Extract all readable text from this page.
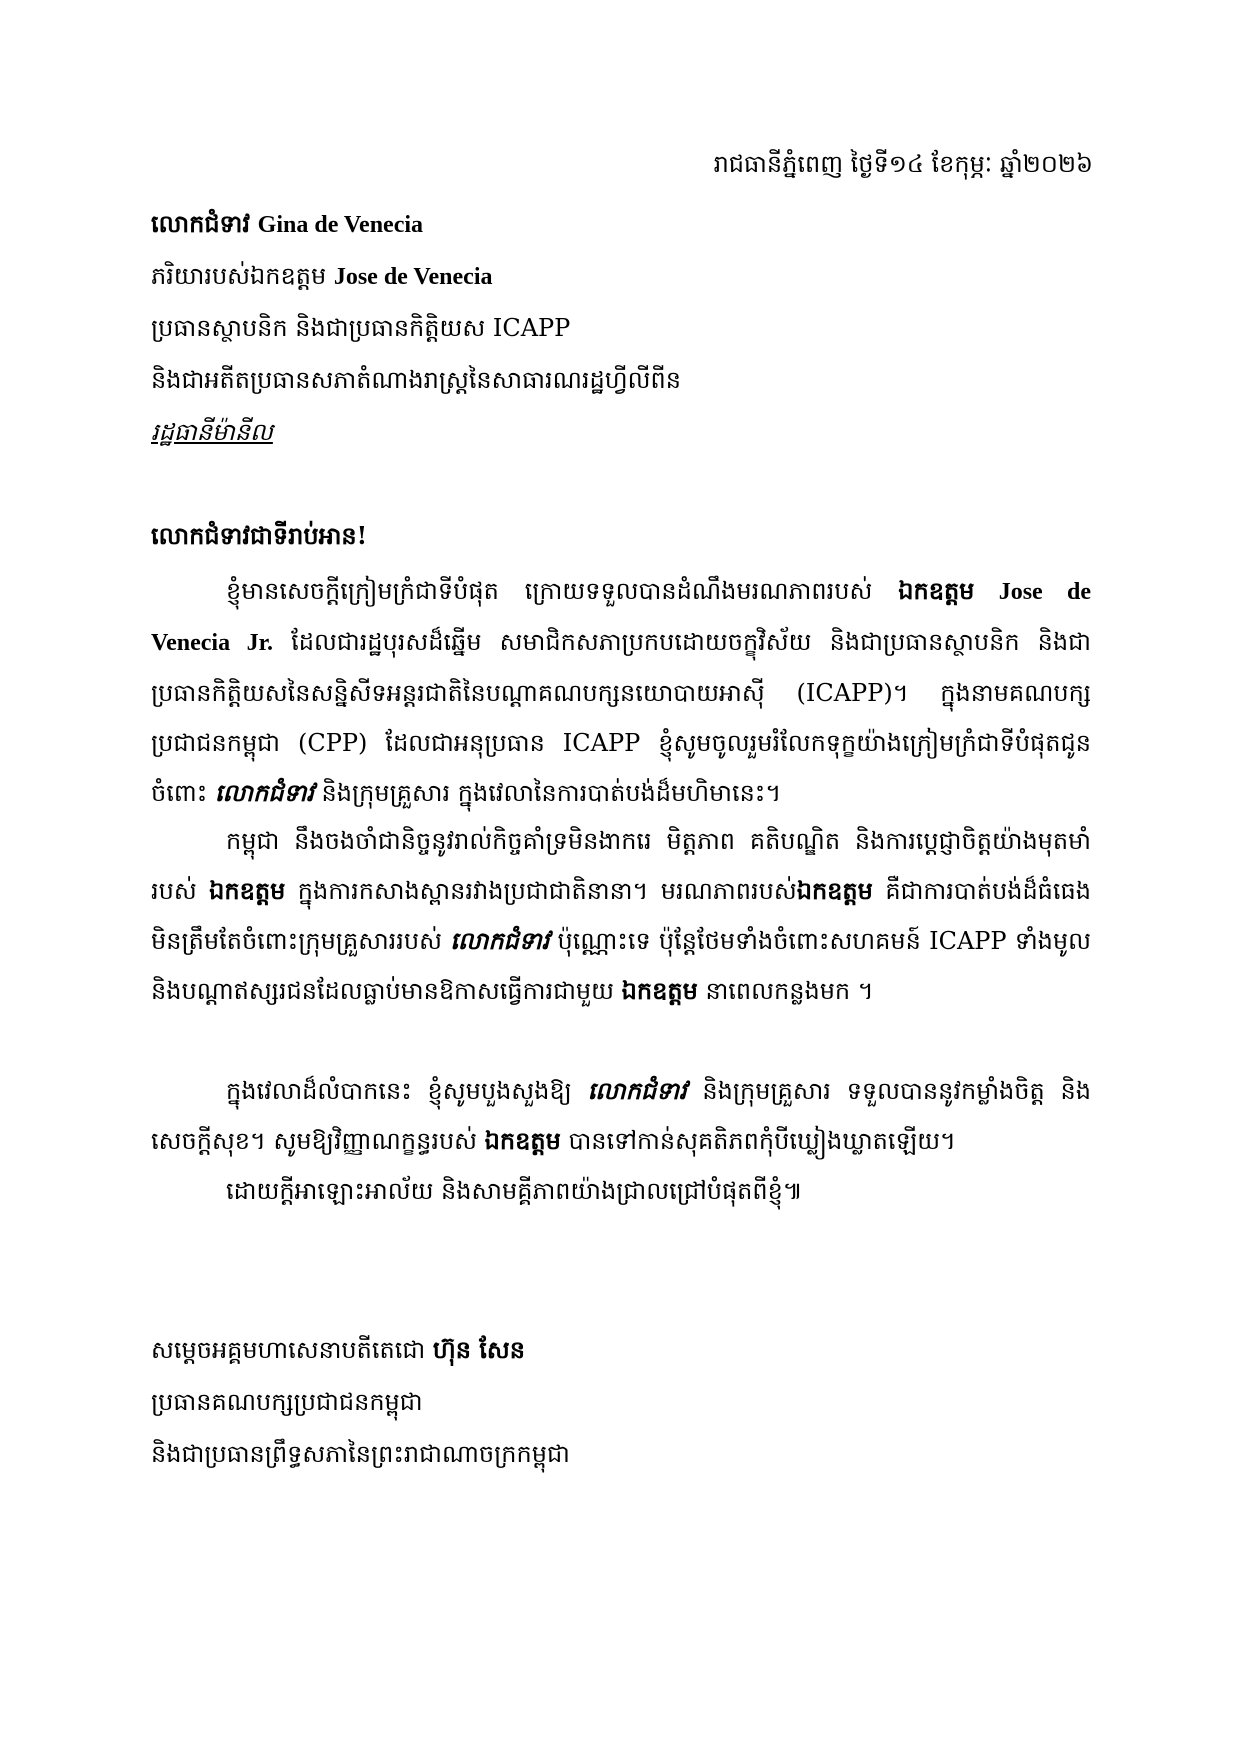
រាជធានីភ្នំពេញ ថ្ងៃទី១៤ ខែកុម្ភៈ ឆ្នាំ២០២៦
លោកជំទាវ Gina de Venecia
ភរិយារបស់ឯកឧត្តម Jose de Venecia
ប្រធានស្ថាបនិក និងជាប្រធានកិត្តិយស ICAPP
និងជាអតីតប្រធានសភាតំណាងរាស្រ្តនៃសាធារណរដ្ឋហ្វីលីពីន
រដ្ឋធានីម៉ានីល
លោកជំទាវជាទីរាប់អាន!

ខ្ញុំមានសេចក្តីក្រៀមក្រំជាទីបំផុត ក្រោយទទួលបានដំណឹងមរណភាពរបស់ ឯកឧត្តម Jose de Venecia Jr. ដែលជារដ្ឋបុរសដ៏ឆ្នើម សមាជិកសភាប្រកបដោយចក្ខុវិស័យ និងជាប្រធានស្ថាបនិក និងជាប្រធានកិត្តិយសនៃសន្និសីទអន្តរជាតិនៃបណ្តាគណបក្សនយោបាយអាស៊ី (ICAPP)។ ក្នុងនាមគណបក្សប្រជាជនកម្ពុជា (CPP) ដែលជាអនុប្រធាន ICAPP ខ្ញុំសូមចូលរួមរំលែកទុក្ខយ៉ាងក្រៀមក្រំជាទីបំផុតជូនចំពោះ លោកជំទាវ និងក្រុមគ្រួសារ ក្នុងវេលានៃការបាត់បង់ដ៏មហិមានេះ។

កម្ពុជា នឹងចងចាំជានិច្ចនូវរាល់កិច្ចគាំទ្រមិនងាករេ មិត្តភាព គតិបណ្ឌិត និងការប្តេជ្ញាចិត្តយ៉ាងមុតមាំរបស់ ឯកឧត្តម ក្នុងការកសាងស្ពានរវាងប្រជាជាតិនានា។ មរណភាពរបស់ឯកឧត្តម គឺជាការបាត់បង់ដ៏ធំធេងមិនត្រឹមតែចំពោះក្រុមគ្រួសាររបស់ លោកជំទាវ ប៉ុណ្ណោះទេ ប៉ុន្តែថែមទាំងចំពោះសហគមន៍ ICAPP ទាំងមូល និងបណ្តាឥស្សរជនដែលធ្លាប់មានឱកាសធ្វើការជាមួយ ឯកឧត្តម នាពេលកន្លងមក ។

ក្នុងវេលាដ៏លំបាកនេះ ខ្ញុំសូមបួងសួងឱ្យ លោកជំទាវ និងក្រុមគ្រួសារ ទទួលបាននូវកម្លាំងចិត្ត និងសេចក្តីសុខ។ សូមឱ្យវិញ្ញាណក្ខន្ធរបស់ ឯកឧត្តម បានទៅកាន់សុគតិភពកុំបីឃ្លៀងឃ្លាតឡើយ។

ដោយក្តីអាឡោះអាល័យ និងសាមគ្គីភាពយ៉ាងជ្រាលជ្រៅបំផុតពីខ្ញុំ៕

សម្តេចអគ្គមហាសេនាបតីតេជោ ហ៊ុន សែន
ប្រធានគណបក្សប្រជាជនកម្ពុជា
និងជាប្រធានព្រឹទ្ធសភានៃព្រះរាជាណាចក្រកម្ពុជា
